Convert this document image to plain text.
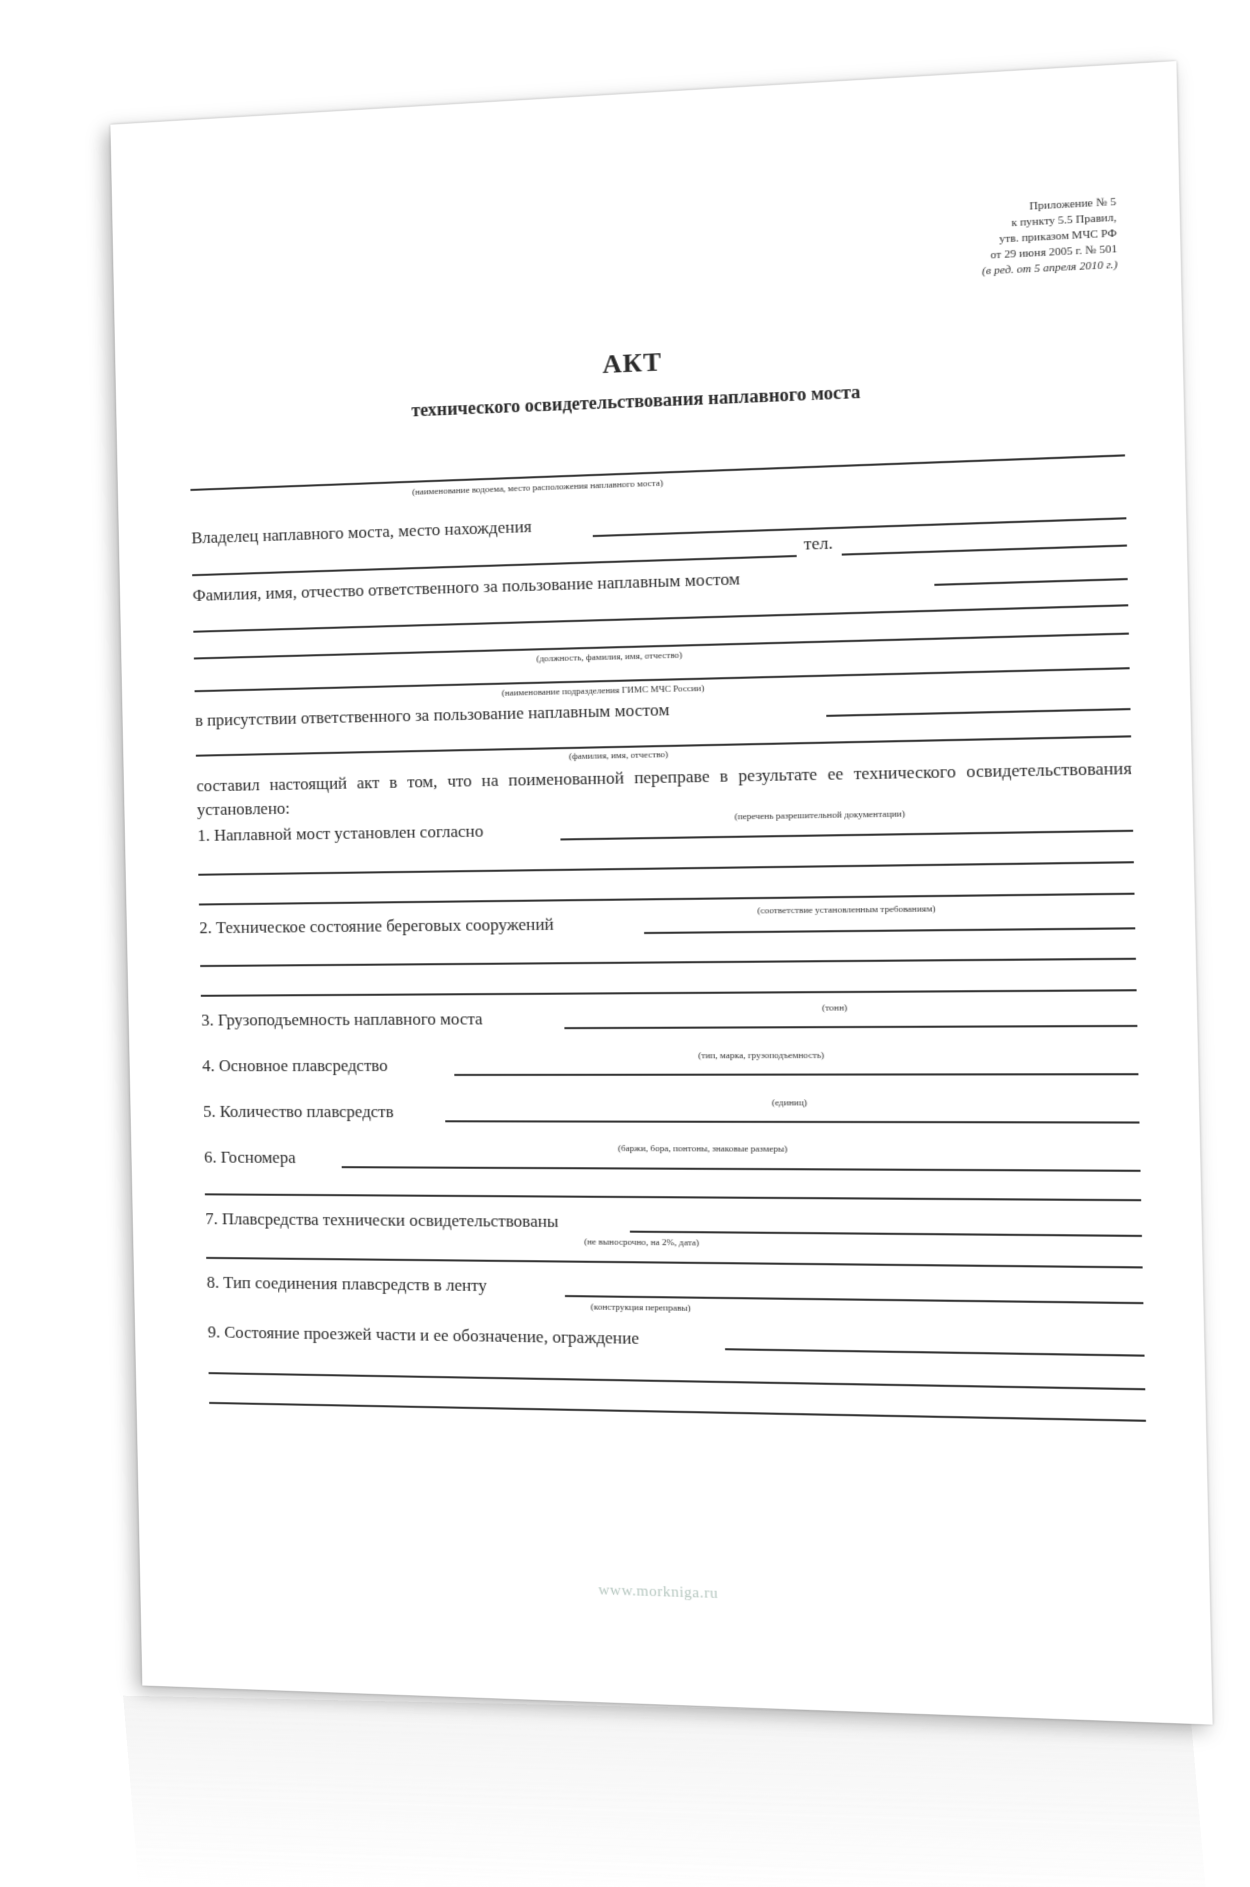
Приложение № 5
к пункту 5.5 Правил,
утв. приказом МЧС РФ
от 29 июня 2005 г. № 501
(в ред. от 5 апреля 2010 г.)
АКТ
технического освидетельствования наплавного моста
(наименование водоема, место расположения наплавного моста)
Владелец наплавного моста, место нахождения	тел.
Фамилия, имя, отчество ответственного за пользование наплавным мостом
(должность, фамилия, имя, отчество)
(наименование подразделения ГИМС МЧС России)
в присутствии ответственного за пользование наплавным мостом
(фамилия, имя, отчество)
составил настоящий акт в том, что на поименованной переправе в результате ее технического освидетельствования установлено:
1. Наплавной мост установлен согласно
(перечень разрешительной документации)
2. Техническое состояние береговых сооружений
(соответствие установленным требованиям)
3. Грузоподъемность наплавного моста
(тонн)
4. Основное плавсредство
(тип, марка, грузоподъемность)
5. Количество плавсредств	(единиц)
6. Госномера	(баржи, бора, понтоны, знаковые размеры)
7. Плавсредства технически освидетельствованы
(не выносрочно, на 2%, дата)
8. Тип соединения плавсредств в ленту
(конструкция переправы)
9. Состояние проезжей части и ее обозначение, ограждение
www.morkniga.ru
